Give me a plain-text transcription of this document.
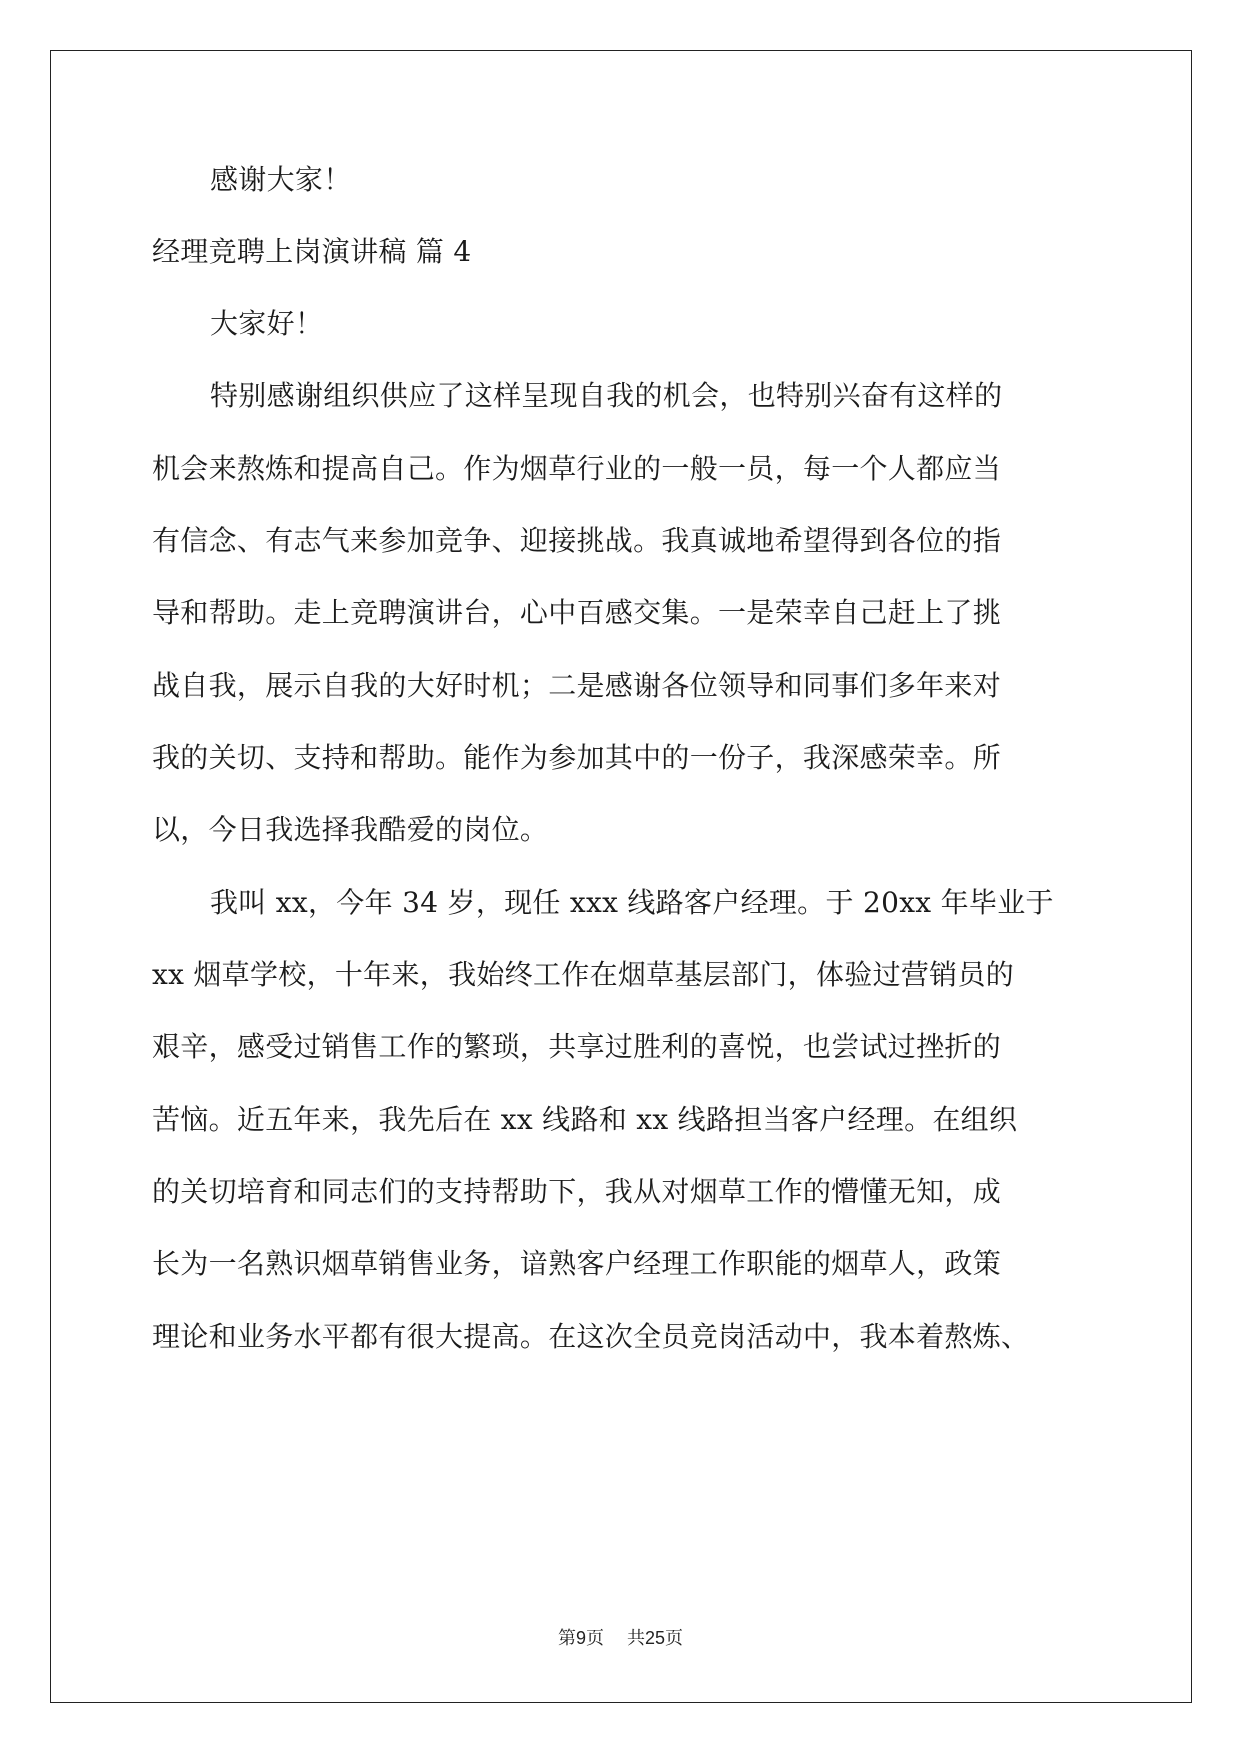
感谢大家！
经理竞聘上岗演讲稿 篇 4
大家好！
特别感谢组织供应了这样呈现自我的机会，也特别兴奋有这样的
机会来熬炼和提高自己。作为烟草行业的一般一员，每一个人都应当
有信念、有志气来参加竞争、迎接挑战。我真诚地希望得到各位的指
导和帮助。走上竞聘演讲台，心中百感交集。一是荣幸自己赶上了挑
战自我，展示自我的大好时机；二是感谢各位领导和同事们多年来对
我的关切、支持和帮助。能作为参加其中的一份子，我深感荣幸。所
以，今日我选择我酷爱的岗位。
我叫 xx，今年 34 岁，现任 xxx 线路客户经理。于 20xx 年毕业于
xx 烟草学校，十年来，我始终工作在烟草基层部门，体验过营销员的
艰辛，感受过销售工作的繁琐，共享过胜利的喜悦，也尝试过挫折的
苦恼。近五年来，我先后在 xx 线路和 xx 线路担当客户经理。在组织
的关切培育和同志们的支持帮助下，我从对烟草工作的懵懂无知，成
长为一名熟识烟草销售业务，谙熟客户经理工作职能的烟草人，政策
理论和业务水平都有很大提高。在这次全员竞岗活动中，我本着熬炼、
第9页 共25页
